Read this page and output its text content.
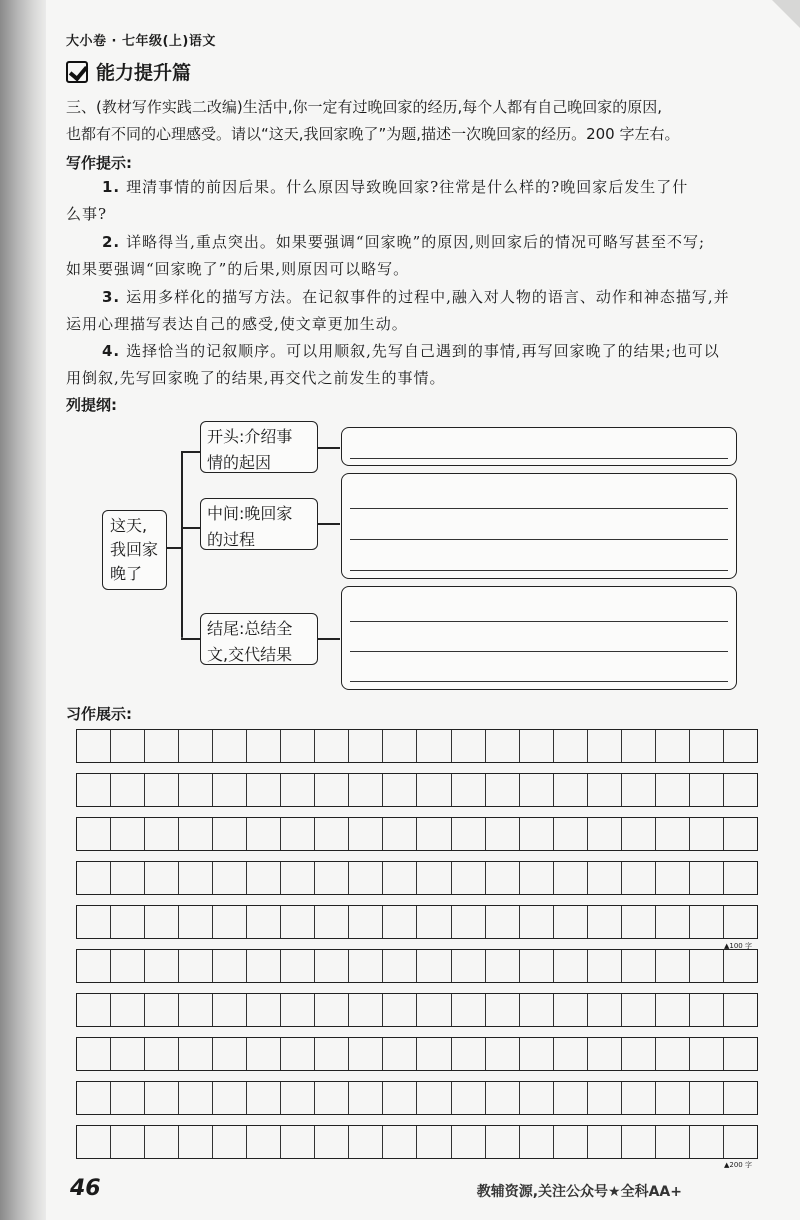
大小卷 · 七年级(上)语文
能力提升篇
三、(教材写作实践二改编)生活中,你一定有过晚回家的经历,每个人都有自己晚回家的原因,
也都有不同的心理感受。请以“这天,我回家晚了”为题,描述一次晚回家的经历。200 字左右。
写作提示:
1. 理清事情的前因后果。什么原因导致晚回家?往常是什么样的?晚回家后发生了什
么事?
2. 详略得当,重点突出。如果要强调“回家晚”的原因,则回家后的情况可略写甚至不写;
如果要强调“回家晚了”的后果,则原因可以略写。
3. 运用多样化的描写方法。在记叙事件的过程中,融入对人物的语言、动作和神态描写,并
运用心理描写表达自己的感受,使文章更加生动。
4. 选择恰当的记叙顺序。可以用顺叙,先写自己遇到的事情,再写回家晚了的结果;也可以
用倒叙,先写回家晚了的结果,再交代之前发生的事情。
列提纲:
这天,
我回家
晚了
开头:介绍事
情的起因
中间:晚回家
的过程
结尾:总结全
文,交代结果
习作展示:
▲100 字
▲200 字
46	教辅资源,关注公众号★全科AA+
